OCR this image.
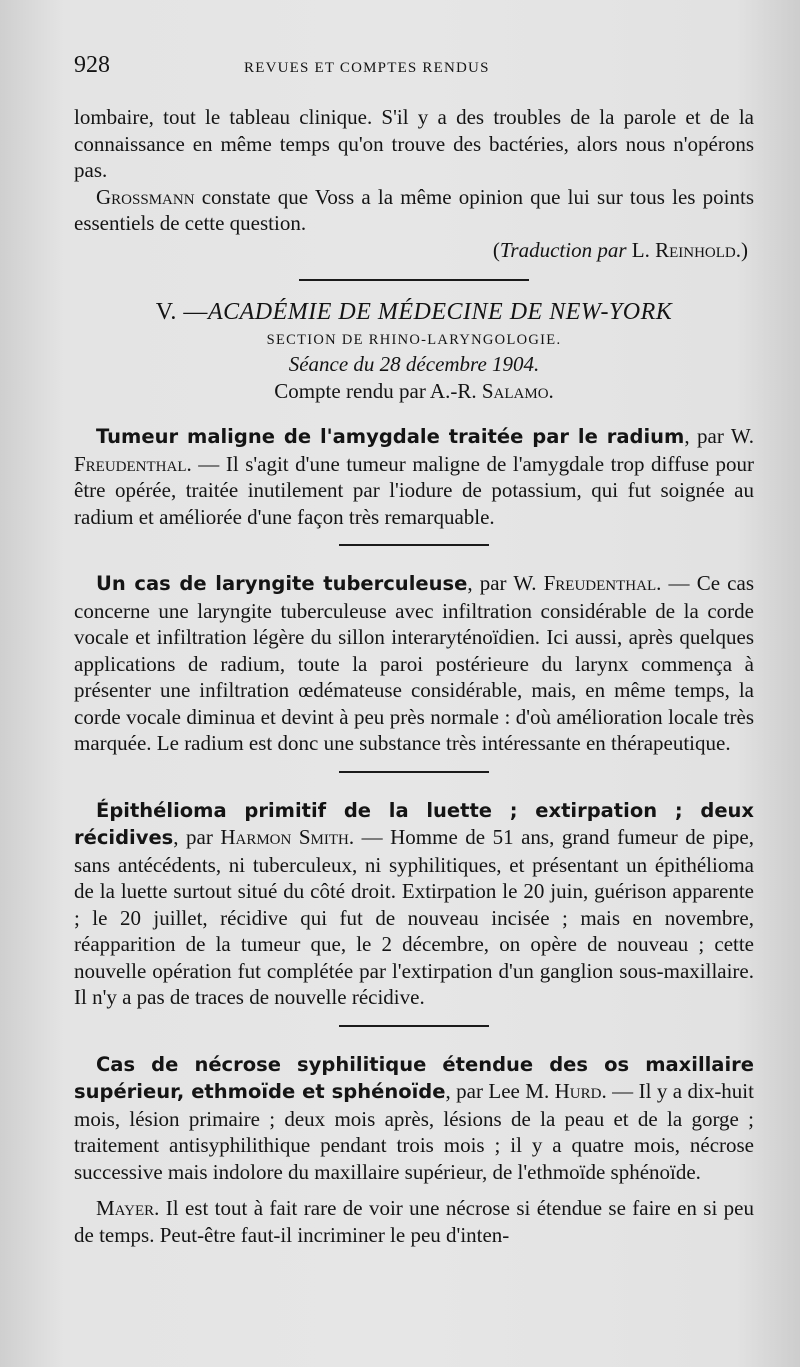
928	REVUES ET COMPTES RENDUS

lombaire, tout le tableau clinique. S'il y a des troubles de la parole et de la connaissance en même temps qu'on trouve des bactéries, alors nous n'opérons pas.

Grossmann constate que Voss a la même opinion que lui sur tous les points essentiels de cette question.

(Traduction par L. Reinhold.)

V. —ACADÉMIE DE MÉDECINE DE NEW-YORK
SECTION DE RHINO-LARYNGOLOGIE.
Séance du 28 décembre 1904.
Compte rendu par A.-R. Salamo.

Tumeur maligne de l'amygdale traitée par le radium, par W. Freudenthal. — Il s'agit d'une tumeur maligne de l'amygdale trop diffuse pour être opérée, traitée inutilement par l'iodure de potassium, qui fut soignée au radium et améliorée d'une façon très remarquable.

Un cas de laryngite tuberculeuse, par W. Freudenthal. — Ce cas concerne une laryngite tuberculeuse avec infiltration considérable de la corde vocale et infiltration légère du sillon interaryténoïdien. Ici aussi, après quelques applications de radium, toute la paroi postérieure du larynx commença à présenter une infiltration œdémateuse considérable, mais, en même temps, la corde vocale diminua et devint à peu près normale : d'où amélioration locale très marquée. Le radium est donc une substance très intéressante en thérapeutique.

Épithélioma primitif de la luette ; extirpation ; deux récidives, par Harmon Smith. — Homme de 51 ans, grand fumeur de pipe, sans antécédents, ni tuberculeux, ni syphilitiques, et présentant un épithélioma de la luette surtout situé du côté droit. Extirpation le 20 juin, guérison apparente ; le 20 juillet, récidive qui fut de nouveau incisée ; mais en novembre, réapparition de la tumeur que, le 2 décembre, on opère de nouveau ; cette nouvelle opération fut complétée par l'extirpation d'un ganglion sous-maxillaire. Il n'y a pas de traces de nouvelle récidive.

Cas de nécrose syphilitique étendue des os maxillaire supérieur, ethmoïde et sphénoïde, par Lee M. Hurd. — Il y a dix-huit mois, lésion primaire ; deux mois après, lésions de la peau et de la gorge ; traitement antisyphilithique pendant trois mois ; il y a quatre mois, nécrose successive mais indolore du maxillaire supérieur, de l'ethmoïde sphénoïde.

Mayer. Il est tout à fait rare de voir une nécrose si étendue se faire en si peu de temps. Peut-être faut-il incriminer le peu d'inten-
